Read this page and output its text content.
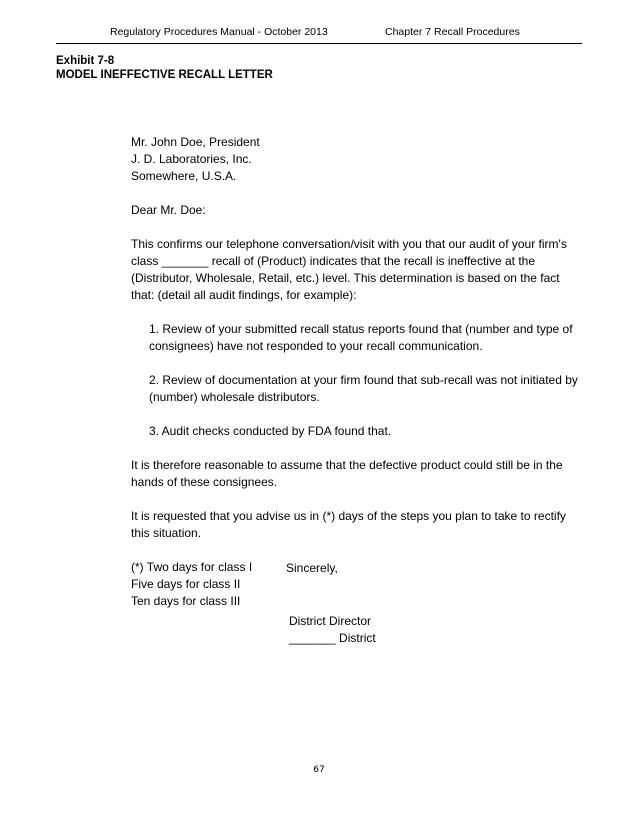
Regulatory Procedures Manual - October 2013	Chapter 7 Recall Procedures
Exhibit 7-8
MODEL INEFFECTIVE RECALL LETTER

Mr. John Doe, President

J. D. Laboratories, Inc.

Somewhere, U.S.A.

Dear Mr. Doe:

This confirms our telephone conversation/visit with you that our audit of your firm's class _______ recall of (Product) indicates that the recall is ineffective at the (Distributor, Wholesale, Retail, etc.) level. This determination is based on the fact that: (detail all audit findings, for example):

1. Review of your submitted recall status reports found that (number and type of consignees) have not responded to your recall communication.

2. Review of documentation at your firm found that sub-recall was not initiated by (number) wholesale distributors.

3. Audit checks conducted by FDA found that.

It is therefore reasonable to assume that the defective product could still be in the hands of these consignees.

It is requested that you advise us in (*) days of the steps you plan to take to rectify this situation.

(*) Two days for class I

Five days for class II

Ten days for class III

Sincerely,

District Director

_______ District

67
